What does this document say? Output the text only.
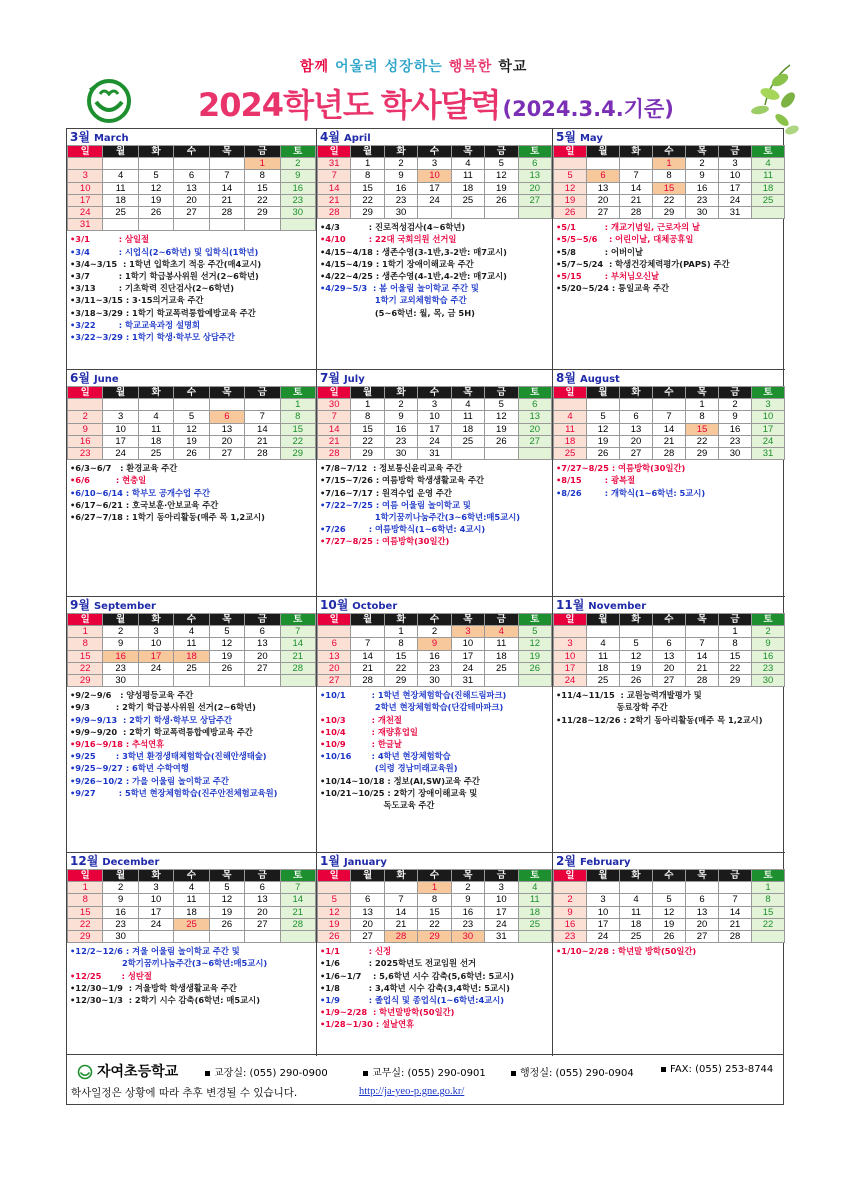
함께 어울려 성장하는 행복한 학교
2024학년도 학사달력(2024.3.4.기준)
3월 March
일	월	화	수	목	금	토
					1	2
3	4	5	6	7	8	9
10	11	12	13	14	15	16
17	18	19	20	21	22	23
24	25	26	27	28	29	30
31						
•3/1          : 삼일절
•3/4          : 시업식(2~6학년) 및 입학식(1학년)
•3/4~3/15  : 1학년 입학초기 적응 주간(매4교시)
•3/7          : 1학기 학급봉사위원 선거(2~6학년)
•3/13        : 기초학력 진단검사(2~6학년)
•3/11~3/15 : 3·15의거교육 주간
•3/18~3/29 : 1학기 학교폭력통합예방교육 주간
•3/22        : 학교교육과정 설명회
•3/22~3/29 : 1학기 학생·학부모 상담주간
4월 April
일	월	화	수	목	금	토
31	1	2	3	4	5	6
7	8	9	10	11	12	13
14	15	16	17	18	19	20
21	22	23	24	25	26	27
28	29	30				
•4/3          : 진로적성검사(4~6학년)
•4/10        : 22대 국회의원 선거일
•4/15~4/18 : 생존수영(3-1반,3-2반: 매7교시)
•4/15~4/19 : 1학기 장애이해교육 주간
•4/22~4/25 : 생존수영(4-1반,4-2반: 매7교시)
•4/29~5/3  : 봄 어울림 놀이학교 주간 및
1학기 교외체험학습 주간
(5~6학년: 월, 목, 금 5H)
5월 May
일	월	화	수	목	금	토
			1	2	3	4
5	6	7	8	9	10	11
12	13	14	15	16	17	18
19	20	21	22	23	24	25
26	27	28	29	30	31	
•5/1          : 개교기념일, 근로자의 날
•5/5~5/6    : 어린이날, 대체공휴일
•5/8          : 어버이날
•5/7~5/24  : 학생건강체력평가(PAPS) 주간
•5/15        : 부처님오신날
•5/20~5/24 : 통일교육 주간
6월 June
일	월	화	수	목	금	토
						1
2	3	4	5	6	7	8
9	10	11	12	13	14	15
16	17	18	19	20	21	22
23	24	25	26	27	28	29
•6/3~6/7   : 환경교육 주간
•6/6         : 현충일
•6/10~6/14 : 학부모 공개수업 주간
•6/17~6/21 : 호국보훈·안보교육 주간
•6/27~7/18 : 1학기 동아리활동(매주 목 1,2교시)
7월 July
일	월	화	수	목	금	토
30	1	2	3	4	5	6
7	8	9	10	11	12	13
14	15	16	17	18	19	20
21	22	23	24	25	26	27
28	29	30	31			
•7/8~7/12  : 정보통신윤리교육 주간
•7/15~7/26 : 여름방학 학생생활교육 주간
•7/16~7/17 : 원격수업 운영 주간
•7/22~7/25 : 여름 어울림 놀이학교 및
1학기꿈끼나눔주간(3~6학년:매5교시)
•7/26        : 여름방학식(1~6학년: 4교시)
•7/27~8/25 : 여름방학(30일간)
8월 August
일	월	화	수	목	금	토
				1	2	3
4	5	6	7	8	9	10
11	12	13	14	15	16	17
18	19	20	21	22	23	24
25	26	27	28	29	30	31
•7/27~8/25 : 여름방학(30일간)
•8/15        : 광복절
•8/26        : 개학식(1~6학년: 5교시)
9월 September
일	월	화	수	목	금	토
1	2	3	4	5	6	7
8	9	10	11	12	13	14
15	16	17	18	19	20	21
22	23	24	25	26	27	28
29	30					
•9/2~9/6   : 양성평등교육 주간
•9/3         : 2학기 학급봉사위원 선거(2~6학년)
•9/9~9/13  : 2학기 학생·학부모 상담주간
•9/9~9/20  : 2학기 학교폭력통합예방교육 주간
•9/16~9/18 : 추석연휴
•9/25       : 3학년 환경생태체험학습(진해안생태숲)
•9/25~9/27 : 6학년 수학여행
•9/26~10/2 : 가을 어울림 놀이학교 주간
•9/27        : 5학년 현장체험학습(진주안전체험교육원)
10월 October
일	월	화	수	목	금	토
		1	2	3	4	5
6	7	8	9	10	11	12
13	14	15	16	17	18	19
20	21	22	23	24	25	26
27	28	29	30	31		
•10/1         : 1학년 현장체험학습(진해드림파크)
2학년 현장체험학습(단감테마파크)
•10/3         : 개천절
•10/4         : 재량휴업일
•10/9         : 한글날
•10/16       : 4학년 현장체험학습
(의령 경남미래교육원)
•10/14~10/18 : 정보(AI,SW)교육 주간
•10/21~10/25 : 2학기 장애이해교육 및
독도교육 주간
11월 November
일	월	화	수	목	금	토
					1	2
3	4	5	6	7	8	9
10	11	12	13	14	15	16
17	18	19	20	21	22	23
24	25	26	27	28	29	30
•11/4~11/15  : 교원능력개발평가 및
동료장학 주간
•11/28~12/26 : 2학기 동아리활동(매주 목 1,2교시)
12월 December
일	월	화	수	목	금	토
1	2	3	4	5	6	7
8	9	10	11	12	13	14
15	16	17	18	19	20	21
22	23	24	25	26	27	28
29	30					
•12/2~12/6 : 겨울 어울림 놀이학교 주간 및
2학기꿈끼나눔주간(3~6학년:매5교시)
•12/25       : 성탄절
•12/30~1/9  : 겨울방학 학생생활교육 주간
•12/30~1/3  : 2학기 시수 감축(6학년: 매5교시)
1월 January
일	월	화	수	목	금	토
			1	2	3	4
5	6	7	8	9	10	11
12	13	14	15	16	17	18
19	20	21	22	23	24	25
26	27	28	29	30	31	
•1/1          : 신정
•1/6          : 2025학년도 전교임원 선거
•1/6~1/7    : 5,6학년 시수 감축(5,6학년: 5교시)
•1/8          : 3,4학년 시수 감축(3,4학년: 5교시)
•1/9          : 졸업식 및 종업식(1~6학년:4교시)
•1/9~2/28  : 학년말방학(50일간)
•1/28~1/30 : 설날연휴
2월 February
일	월	화	수	목	금	토
						1
2	3	4	5	6	7	8
9	10	11	12	13	14	15
16	17	18	19	20	21	22
23	24	25	26	27	28	
•1/10~2/28 : 학년말 방학(50일간)
자여초등학교	교장실: (055) 290-0900	교무실: (055) 290-0901	행정실: (055) 290-0904	FAX: (055) 253-8744
학사일정은 상황에 따라 추후 변경될 수 있습니다.	http://ja-yeo-p.gne.go.kr/
